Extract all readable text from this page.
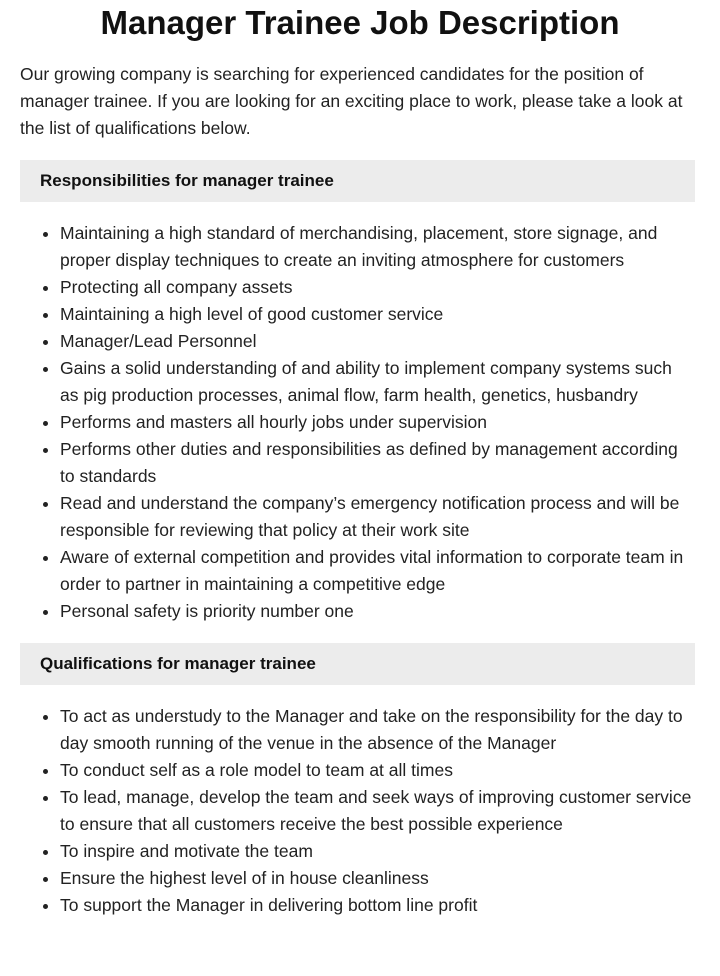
Manager Trainee Job Description

Our growing company is searching for experienced candidates for the position of manager trainee. If you are looking for an exciting place to work, please take a look at the list of qualifications below.

Responsibilities for manager trainee
• Maintaining a high standard of merchandising, placement, store signage, and proper display techniques to create an inviting atmosphere for customers
• Protecting all company assets
• Maintaining a high level of good customer service
• Manager/Lead Personnel
• Gains a solid understanding of and ability to implement company systems such as pig production processes, animal flow, farm health, genetics, husbandry
• Performs and masters all hourly jobs under supervision
• Performs other duties and responsibilities as defined by management according to standards
• Read and understand the company’s emergency notification process and will be responsible for reviewing that policy at their work site
• Aware of external competition and provides vital information to corporate team in order to partner in maintaining a competitive edge
• Personal safety is priority number one
Qualifications for manager trainee
• To act as understudy to the Manager and take on the responsibility for the day to day smooth running of the venue in the absence of the Manager
• To conduct self as a role model to team at all times
• To lead, manage, develop the team and seek ways of improving customer service to ensure that all customers receive the best possible experience
• To inspire and motivate the team
• Ensure the highest level of in house cleanliness
• To support the Manager in delivering bottom line profit
